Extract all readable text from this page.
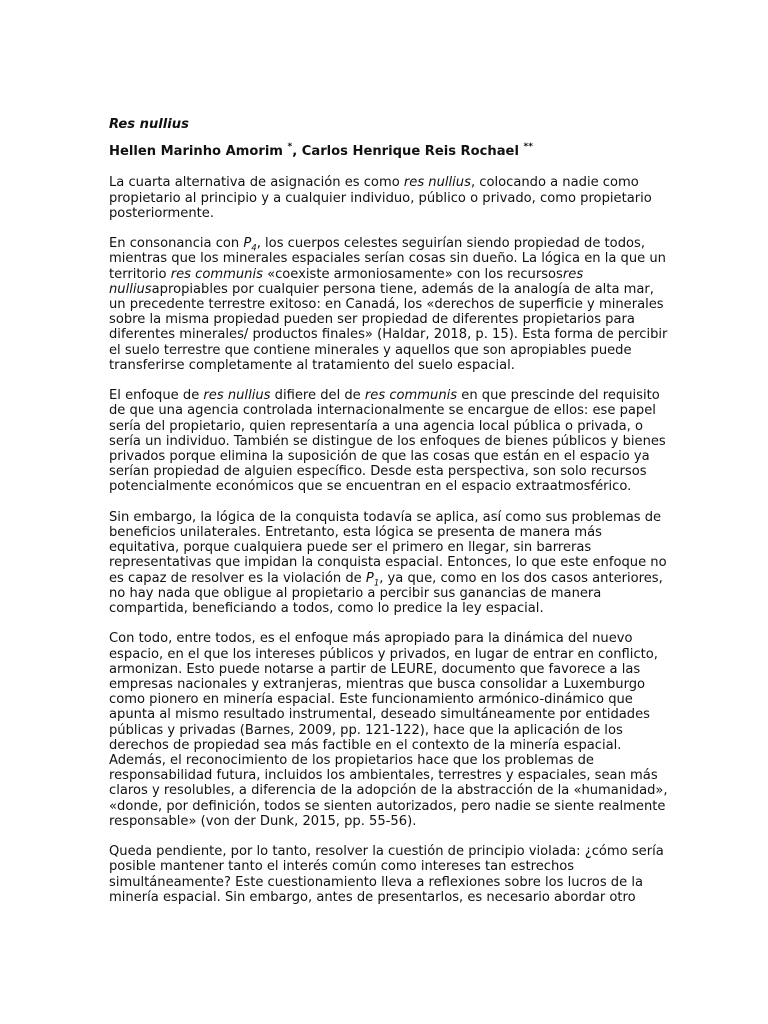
Res nullius
Hellen Marinho Amorim *, Carlos Henrique Reis Rochael **

La cuarta alternativa de asignación es como res nullius, colocando a nadie como propietario al principio y a cualquier individuo, público o privado, como propietario posteriormente.

En consonancia con $P_4$, los cuerpos celestes seguirían siendo propiedad de todos, mientras que los minerales espaciales serían cosas sin dueño. La lógica en la que un territorio res communis «coexiste armoniosamente» con los recursosres nulliusapropiables por cualquier persona tiene, además de la analogía de alta mar, un precedente terrestre exitoso: en Canadá, los «derechos de superficie y minerales sobre la misma propiedad pueden ser propiedad de diferentes propietarios para diferentes minerales/ productos finales» (Haldar, 2018, p. 15). Esta forma de percibir el suelo terrestre que contiene minerales y aquellos que son apropiables puede transferirse completamente al tratamiento del suelo espacial.

El enfoque de res nullius difiere del de res communis en que prescinde del requisito de que una agencia controlada internacionalmente se encargue de ellos: ese papel sería del propietario, quien representaría a una agencia local pública o privada, o sería un individuo. También se distingue de los enfoques de bienes públicos y bienes privados porque elimina la suposición de que las cosas que están en el espacio ya serían propiedad de alguien específico. Desde esta perspectiva, son solo recursos potencialmente económicos que se encuentran en el espacio extraatmosférico.

Sin embargo, la lógica de la conquista todavía se aplica, así como sus problemas de beneficios unilaterales. Entretanto, esta lógica se presenta de manera más equitativa, porque cualquiera puede ser el primero en llegar, sin barreras representativas que impidan la conquista espacial. Entonces, lo que este enfoque no es capaz de resolver es la violación de $P_1$, ya que, como en los dos casos anteriores, no hay nada que obligue al propietario a percibir sus ganancias de manera compartida, beneficiando a todos, como lo predice la ley espacial.

Con todo, entre todos, es el enfoque más apropiado para la dinámica del nuevo espacio, en el que los intereses públicos y privados, en lugar de entrar en conflicto, armonizan. Esto puede notarse a partir de LEURE, documento que favorece a las empresas nacionales y extranjeras, mientras que busca consolidar a Luxemburgo como pionero en minería espacial. Este funcionamiento armónico-dinámico que apunta al mismo resultado instrumental, deseado simultáneamente por entidades públicas y privadas (Barnes, 2009, pp. 121-122), hace que la aplicación de los derechos de propiedad sea más factible en el contexto de la minería espacial. Además, el reconocimiento de los propietarios hace que los problemas de responsabilidad futura, incluidos los ambientales, terrestres y espaciales, sean más claros y resolubles, a diferencia de la adopción de la abstracción de la «humanidad», «donde, por definición, todos se sienten autorizados, pero nadie se siente realmente responsable» (von der Dunk, 2015, pp. 55-56).

Queda pendiente, por lo tanto, resolver la cuestión de principio violada: ¿cómo sería posible mantener tanto el interés común como intereses tan estrechos simultáneamente? Este cuestionamiento lleva a reflexiones sobre los lucros de la minería espacial. Sin embargo, antes de presentarlos, es necesario abordar otro
